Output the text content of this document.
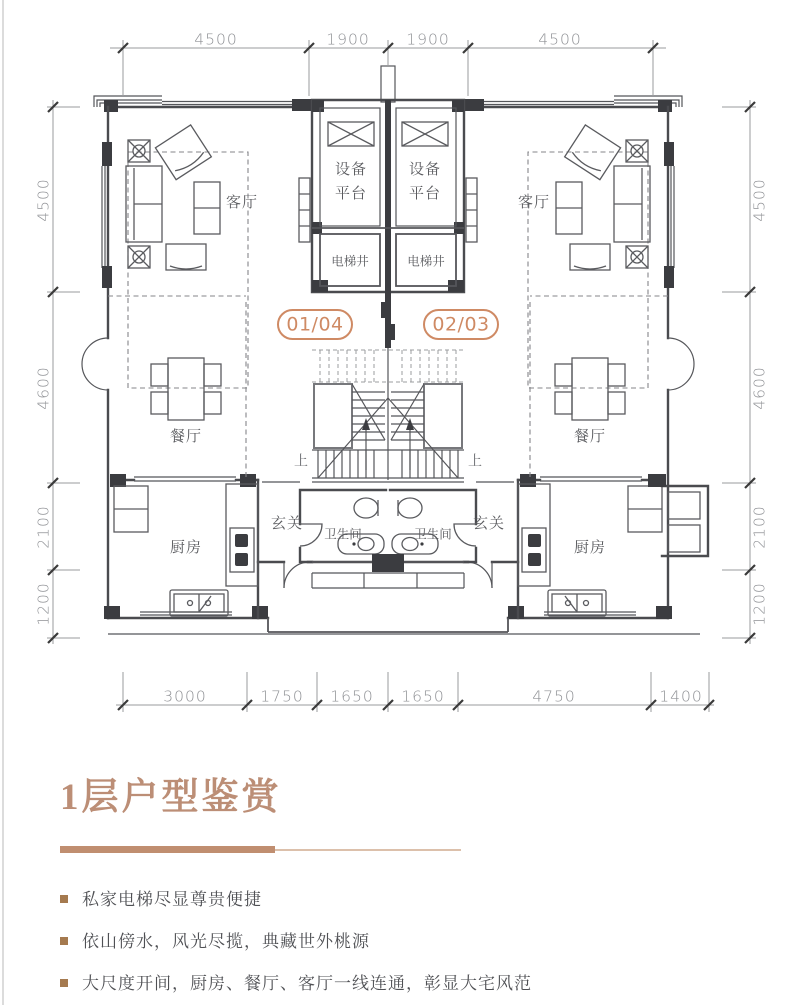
4500	1900 1900	4500
4500
4600
2100
1200
4500
4600
2100
1200
3000	1750 1650 1650	4750	1400
01/04	02/03
客厅	客厅
设备
平台
设备
平台
电梯井	电梯井
餐厅	餐厅
厨房	厨房
玄关	玄关
卫生间	卫生间
上	上
1层户型鉴赏
私家电梯尽显尊贵便捷
依山傍水，风光尽揽，典藏世外桃源
大尺度开间，厨房、餐厅、客厅一线连通，彰显大宅风范
